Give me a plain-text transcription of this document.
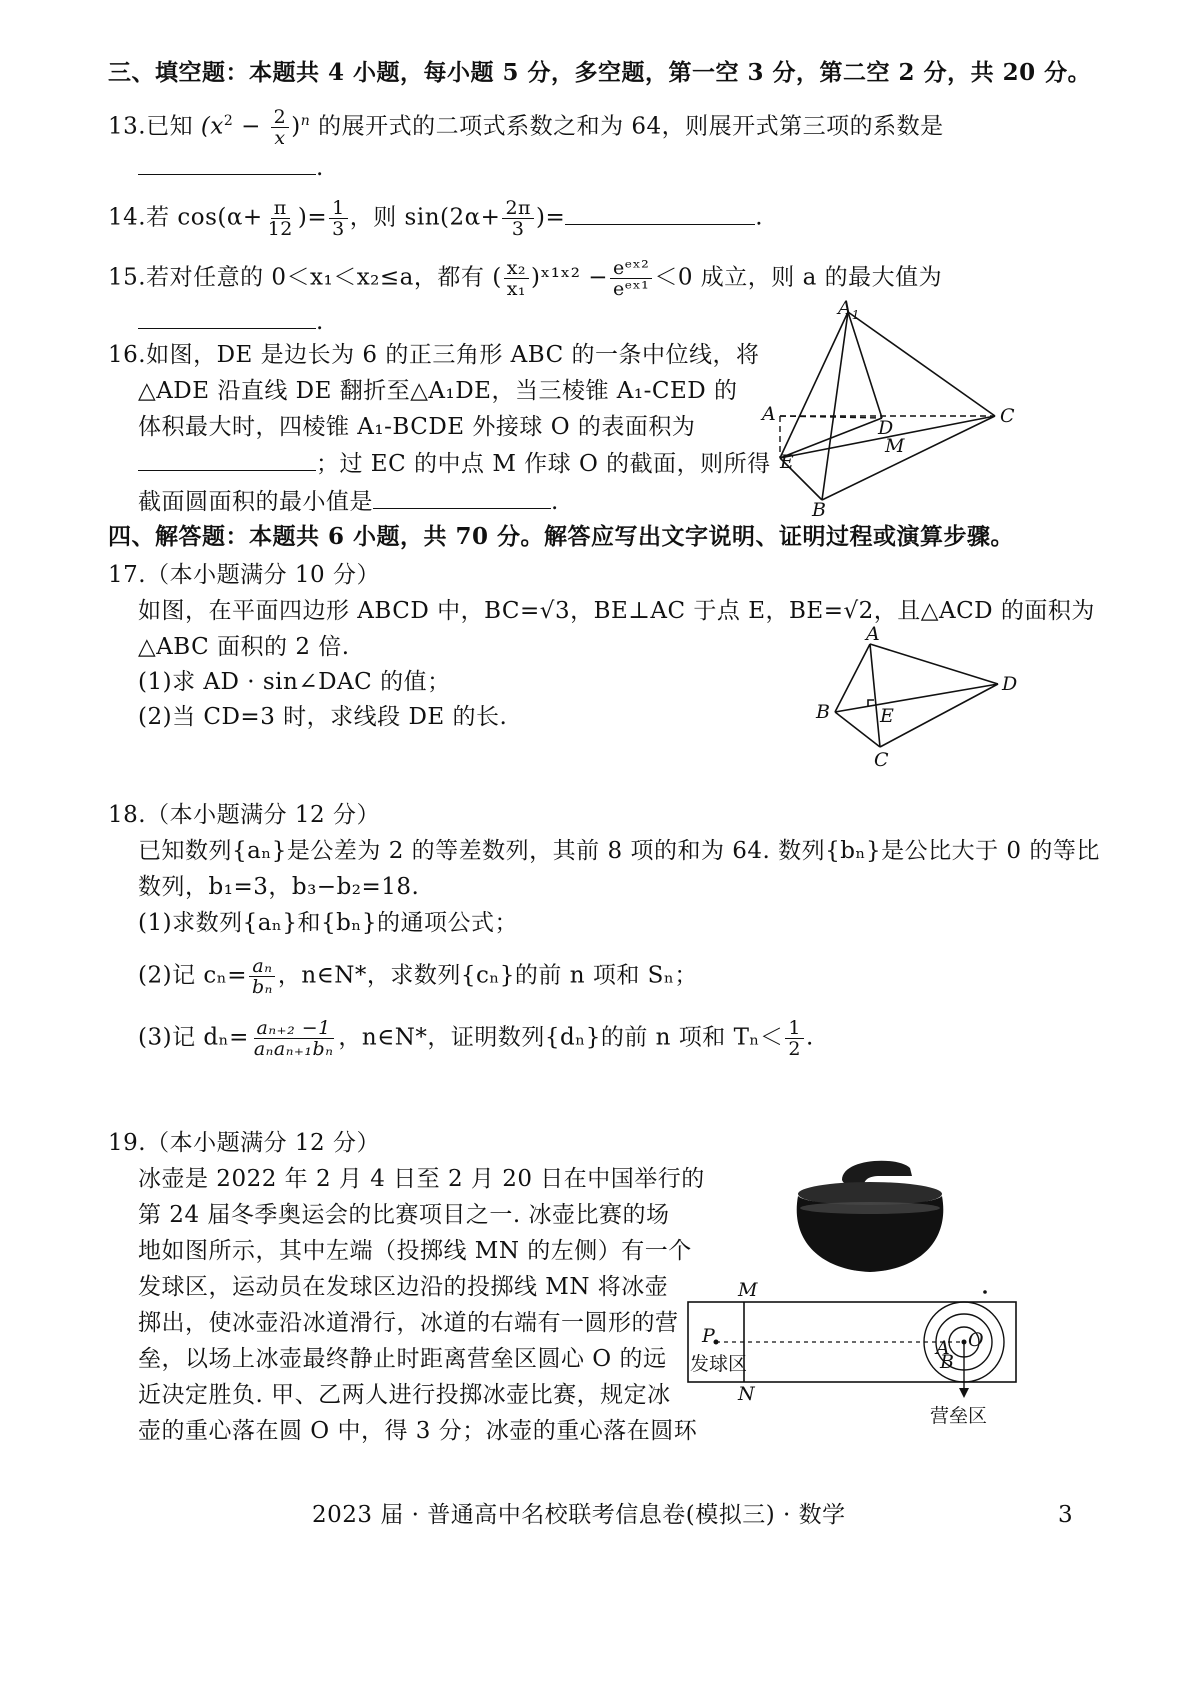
三、填空题：本题共 4 小题，每小题 5 分，多空题，第一空 3 分，第二空 2 分，共 20 分。
13.已知 $(x^2 - \frac{2}{x} )^n$ 的展开式的二项式系数之和为 64，则展开式第三项的系数是
.
14.若 $\cos(\alpha+ \frac{\pi}{12}$ )= $\frac{1}{3}$ ，则 $\sin(2\alpha+ \frac{2\pi}{3}$ )=	.
15.若对任意的 0＜x₁＜x₂≤a，都有 ( $\frac{\text{x₂}}{\text{x₁}}$ )ˣ¹ˣ² − $\frac{\text{eᵉˣ²}}{\text{eᵉˣ¹}} <0$ 成立，则 a 的最大值为
.
16.如图，DE 是边长为 6 的正三角形 ABC 的一条中位线，将
△ADE 沿直线 DE 翻折至△A₁DE，当三棱锥 A₁-CED 的
体积最大时，四棱锥 A₁-BCDE 外接球 O 的表面积为
；过 EC 的中点 M 作球 O 的截面，则所得
截面圆面积的最小值是	.
$A_1$
A
D
C
M
E
B
四、解答题：本题共 6 小题，共 70 分。解答应写出文字说明、证明过程或演算步骤。
17.（本小题满分 10 分）
如图，在平面四边形 ABCD 中，BC=√3，BE⊥AC 于点 E，BE=√2，且△ACD 的面积为
△ABC 面积的 2 倍.
(1)求 AD · sin∠DAC 的值；
(2)当 CD=3 时，求线段 DE 的长.
A
B
C
D
E
18.（本小题满分 12 分）
已知数列{aₙ}是公差为 2 的等差数列，其前 8 项的和为 64. 数列{bₙ}是公比大于 0 的等比
数列，b₁=3，b₃−b₂=18.
(1)求数列{aₙ}和{bₙ}的通项公式；
(2)记 $c_n= \frac{\text{aₙ}}{\text{bₙ}}$ ，n∈N*，求数列{cₙ}的前 n 项和 Sₙ；
(3)记 $d_n= \frac{\text{aₙ₊₂ −1}}{\text{aₙaₙ₊₁bₙ}}$ ，n∈N*，证明数列{dₙ}的前 n 项和 $T_n< \frac{1}{2}$ .
19.（本小题满分 12 分）
冰壶是 2022 年 2 月 4 日至 2 月 20 日在中国举行的
第 24 届冬季奥运会的比赛项目之一. 冰壶比赛的场
地如图所示，其中左端（投掷线 MN 的左侧）有一个
发球区，运动员在发球区边沿的投掷线 MN 将冰壶
掷出，使冰壶沿冰道滑行，冰道的右端有一圆形的营
垒，以场上冰壶最终静止时距离营垒区圆心 O 的远
近决定胜负. 甲、乙两人进行投掷冰壶比赛，规定冰
壶的重心落在圆 O 中，得 3 分；冰壶的重心落在圆环
M
N
P	O
A
B
发球区
营垒区
2023 届 · 普通高中名校联考信息卷(模拟三) · 数学	3
